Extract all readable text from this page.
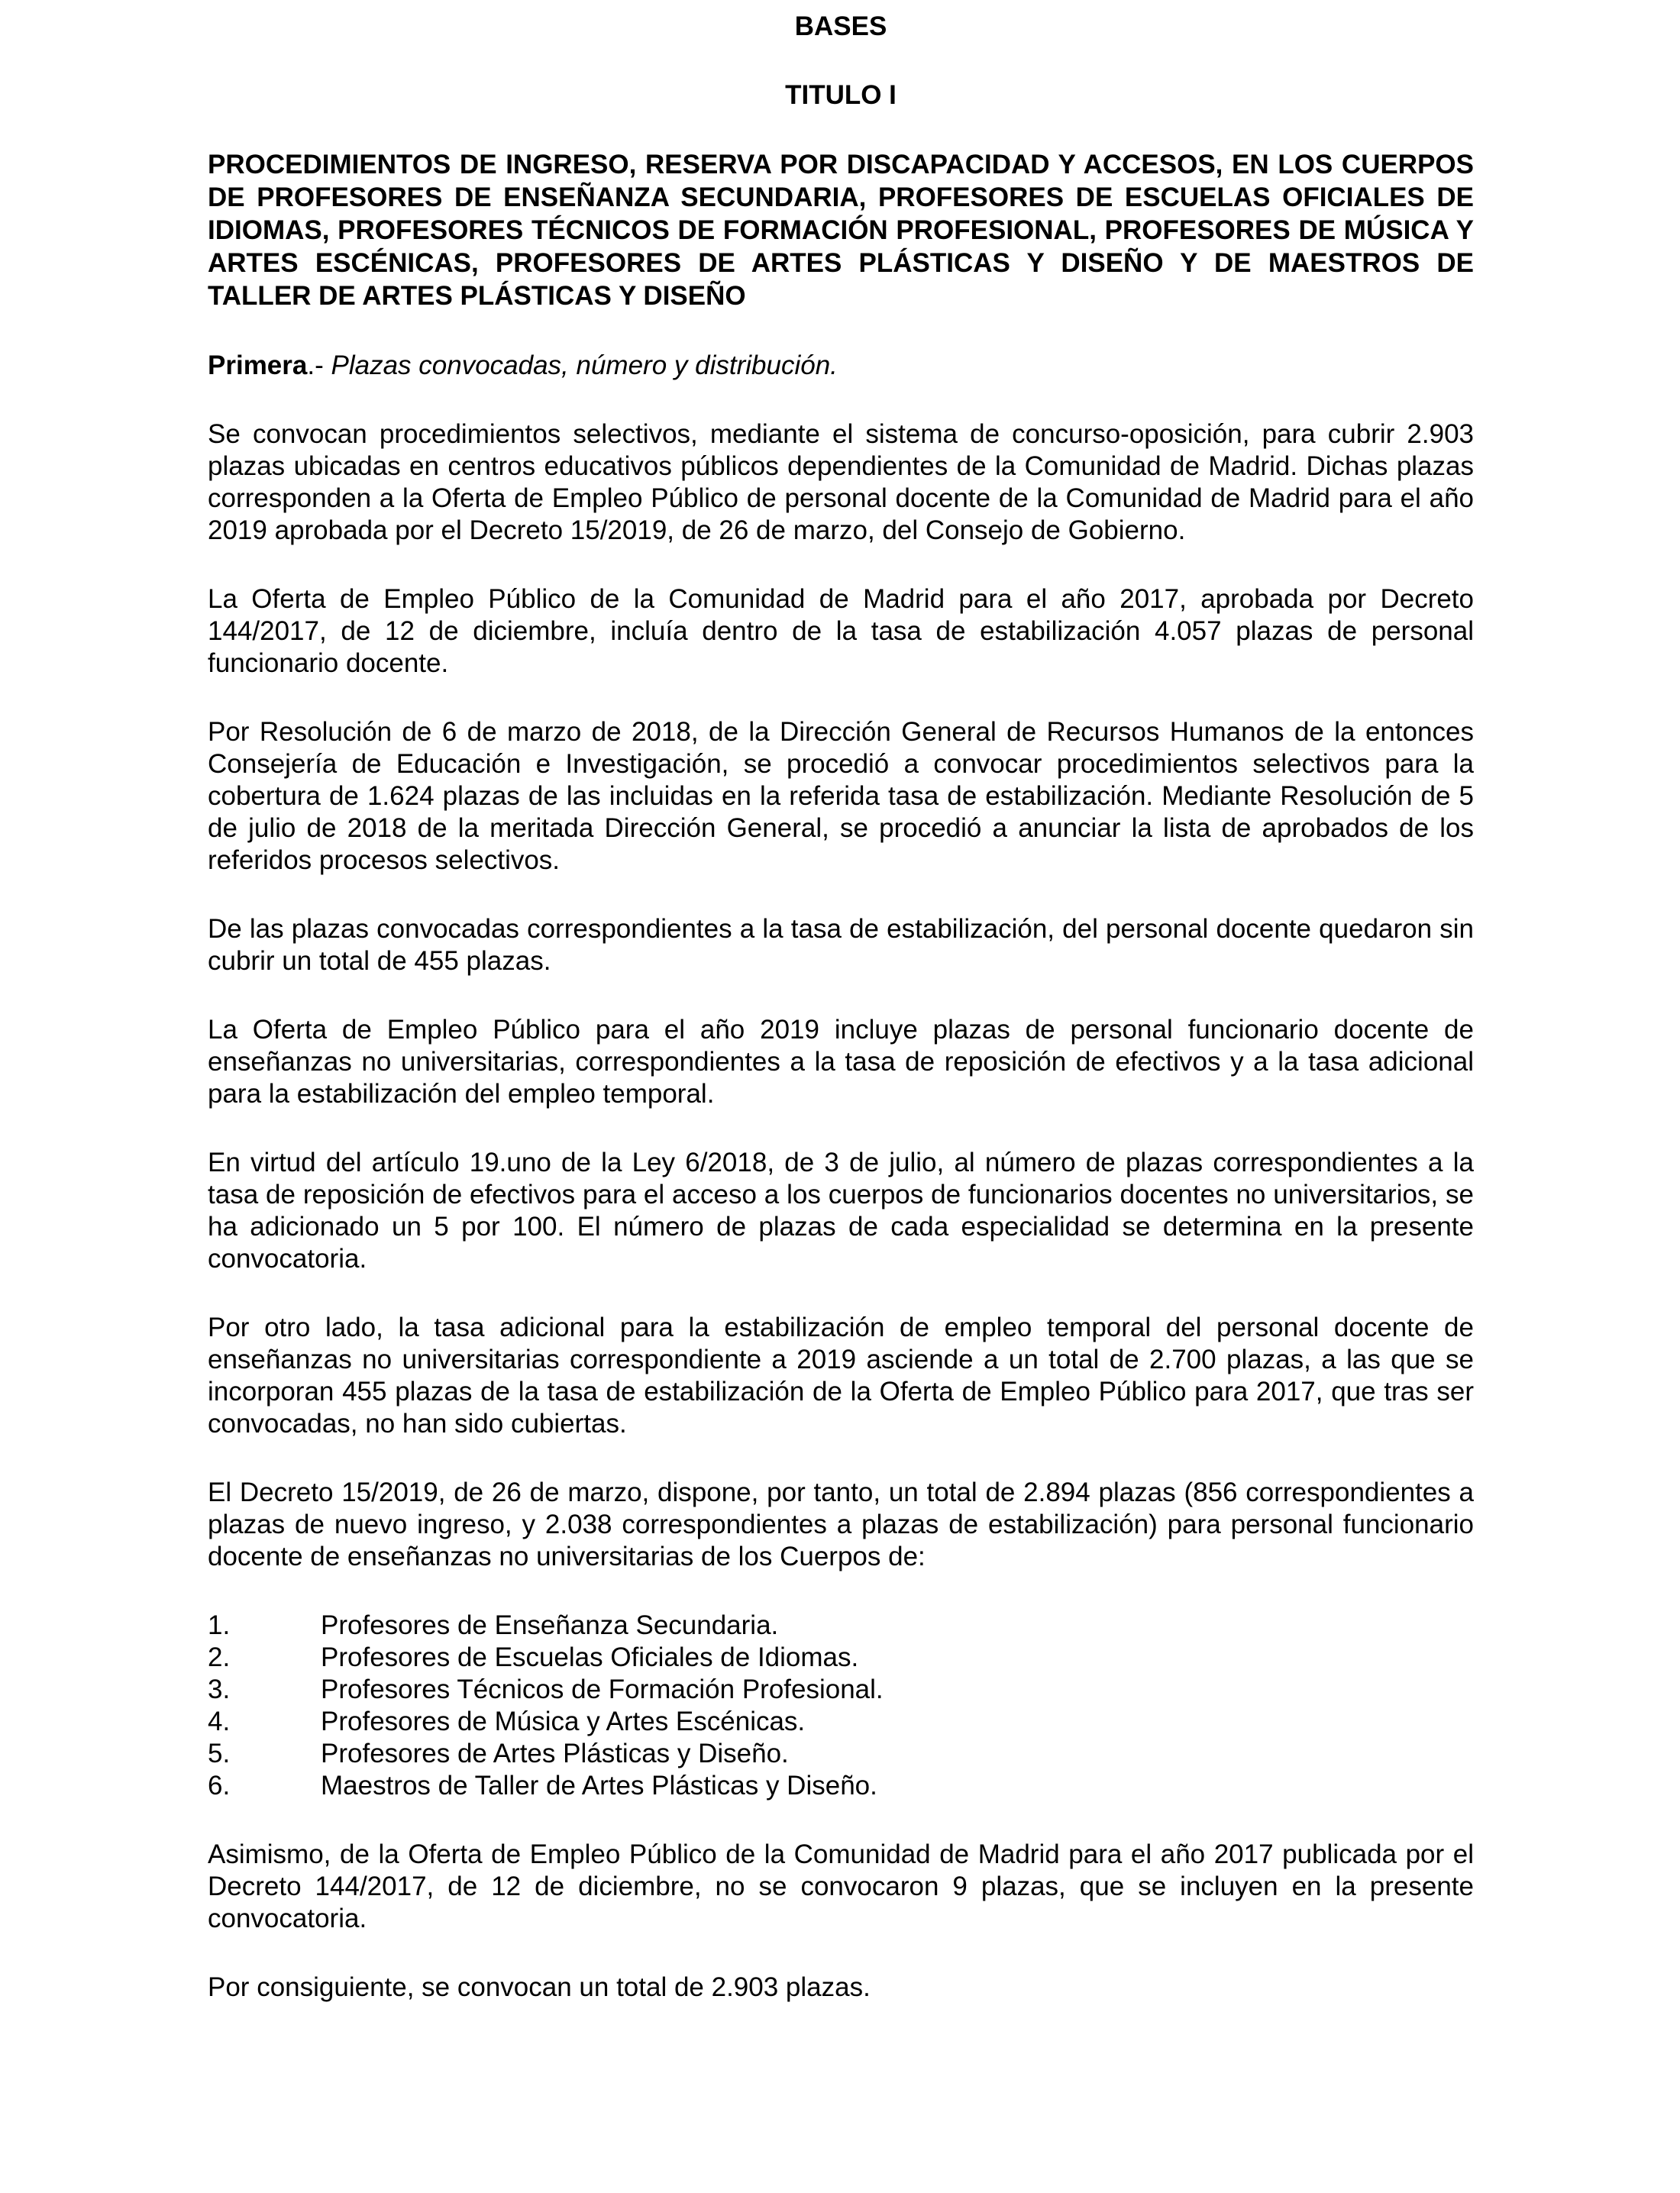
BASES

TITULO I

PROCEDIMIENTOS DE INGRESO, RESERVA POR DISCAPACIDAD Y ACCESOS, EN LOS CUERPOS DE PROFESORES DE ENSEÑANZA SECUNDARIA, PROFESORES DE ESCUELAS OFICIALES DE IDIOMAS, PROFESORES TÉCNICOS DE FORMACIÓN PROFESIONAL, PROFESORES DE MÚSICA Y ARTES ESCÉNICAS, PROFESORES DE ARTES PLÁSTICAS Y DISEÑO Y DE MAESTROS DE TALLER DE ARTES PLÁSTICAS Y DISEÑO

Primera.- Plazas convocadas, número y distribución.

Se convocan procedimientos selectivos, mediante el sistema de concurso-oposición, para cubrir 2.903 plazas ubicadas en centros educativos públicos dependientes de la Comunidad de Madrid. Dichas plazas corresponden a la Oferta de Empleo Público de personal docente de la Comunidad de Madrid para el año 2019 aprobada por el Decreto 15/2019, de 26 de marzo, del Consejo de Gobierno.

La Oferta de Empleo Público de la Comunidad de Madrid para el año 2017, aprobada por Decreto 144/2017, de 12 de diciembre, incluía dentro de la tasa de estabilización 4.057 plazas de personal funcionario docente.

Por Resolución de 6 de marzo de 2018, de la Dirección General de Recursos Humanos de la entonces Consejería de Educación e Investigación, se procedió a convocar procedimientos selectivos para la cobertura de 1.624 plazas de las incluidas en la referida tasa de estabilización. Mediante Resolución de 5 de julio de 2018 de la meritada Dirección General, se procedió a anunciar la lista de aprobados de los referidos procesos selectivos.

De las plazas convocadas correspondientes a la tasa de estabilización, del personal docente quedaron sin cubrir un total de 455 plazas.

La Oferta de Empleo Público para el año 2019 incluye plazas de personal funcionario docente de enseñanzas no universitarias, correspondientes a la tasa de reposición de efectivos y a la tasa adicional para la estabilización del empleo temporal.

En virtud del artículo 19.uno de la Ley 6/2018, de 3 de julio, al número de plazas correspondientes a la tasa de reposición de efectivos para el acceso a los cuerpos de funcionarios docentes no universitarios, se ha adicionado un 5 por 100. El número de plazas de cada especialidad se determina en la presente convocatoria.

Por otro lado, la tasa adicional para la estabilización de empleo temporal del personal docente de enseñanzas no universitarias correspondiente a 2019 asciende a un total de 2.700 plazas, a las que se incorporan 455 plazas de la tasa de estabilización de la Oferta de Empleo Público para 2017, que tras ser convocadas, no han sido cubiertas.

El Decreto 15/2019, de 26 de marzo, dispone, por tanto, un total de 2.894 plazas (856 correspondientes a plazas de nuevo ingreso, y 2.038 correspondientes a plazas de estabilización) para personal funcionario docente de enseñanzas no universitarias de los Cuerpos de:

1.	Profesores de Enseñanza Secundaria.
2.	Profesores de Escuelas Oficiales de Idiomas.
3.	Profesores Técnicos de Formación Profesional.
4.	Profesores de Música y Artes Escénicas.
5.	Profesores de Artes Plásticas y Diseño.
6.	Maestros de Taller de Artes Plásticas y Diseño.

Asimismo, de la Oferta de Empleo Público de la Comunidad de Madrid para el año 2017 publicada por el Decreto 144/2017, de 12 de diciembre, no se convocaron 9 plazas, que se incluyen en la presente convocatoria.

Por consiguiente, se convocan un total de 2.903 plazas.
